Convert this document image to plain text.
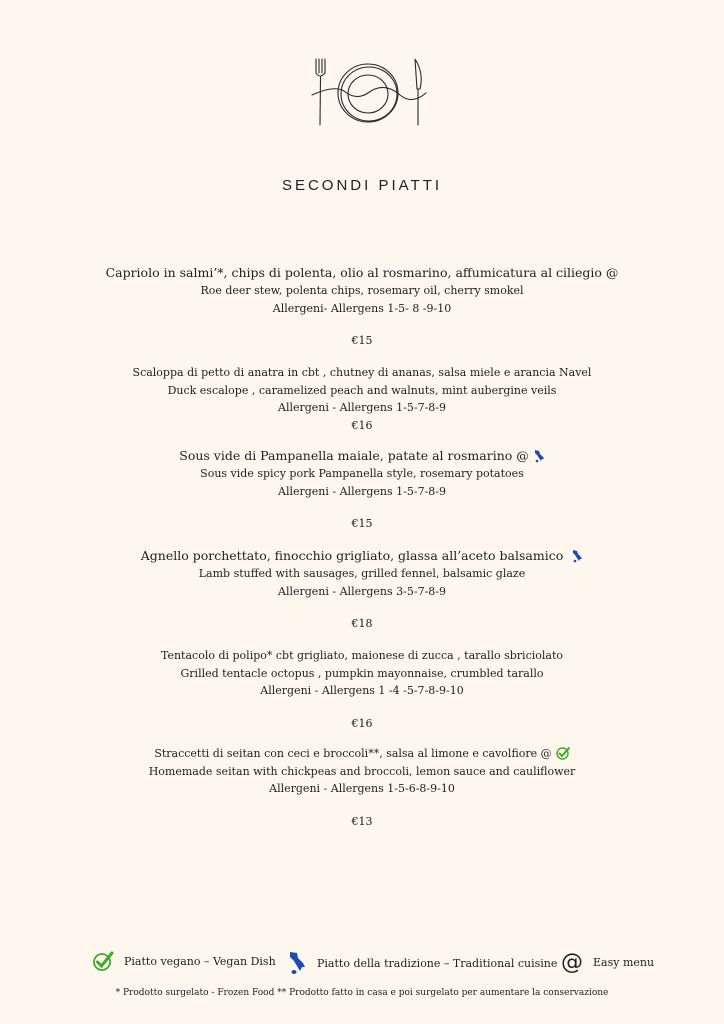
SECONDI PIATTI
Capriolo in salmi’*, chips di polenta, olio al rosmarino, affumicatura al ciliegio @
Roe deer stew, polenta chips, rosemary oil, cherry smokel
Allergeni- Allergens 1-5- 8 -9-10
€15
Scaloppa di petto di anatra in cbt , chutney di ananas, salsa miele e arancia Navel
Duck escalope , caramelized peach and walnuts, mint aubergine veils
Allergeni - Allergens 1-5-7-8-9
€16
Sous vide di Pampanella maiale, patate al rosmarino @
Sous vide spicy pork Pampanella style, rosemary potatoes
Allergeni - Allergens 1-5-7-8-9
€15
Agnello porchettato, finocchio grigliato, glassa all’aceto balsamico
Lamb stuffed with sausages, grilled fennel, balsamic glaze
Allergeni - Allergens 3-5-7-8-9
€18
Tentacolo di polipo* cbt grigliato, maionese di zucca , tarallo sbriciolato
Grilled tentacle octopus , pumpkin mayonnaise, crumbled tarallo
Allergeni - Allergens 1 -4 -5-7-8-9-10
€16
Straccetti di seitan con ceci e broccoli**, salsa al limone e cavolfiore @
Homemade seitan with chickpeas and broccoli, lemon sauce and cauliflower
Allergeni - Allergens 1-5-6-8-9-10
€13
Piatto vegano – Vegan Dish	Piatto della tradizione – Traditional cuisine @ Easy menu
* Prodotto surgelato - Frozen Food ** Prodotto fatto in casa e poi surgelato per aumentare la conservazione
